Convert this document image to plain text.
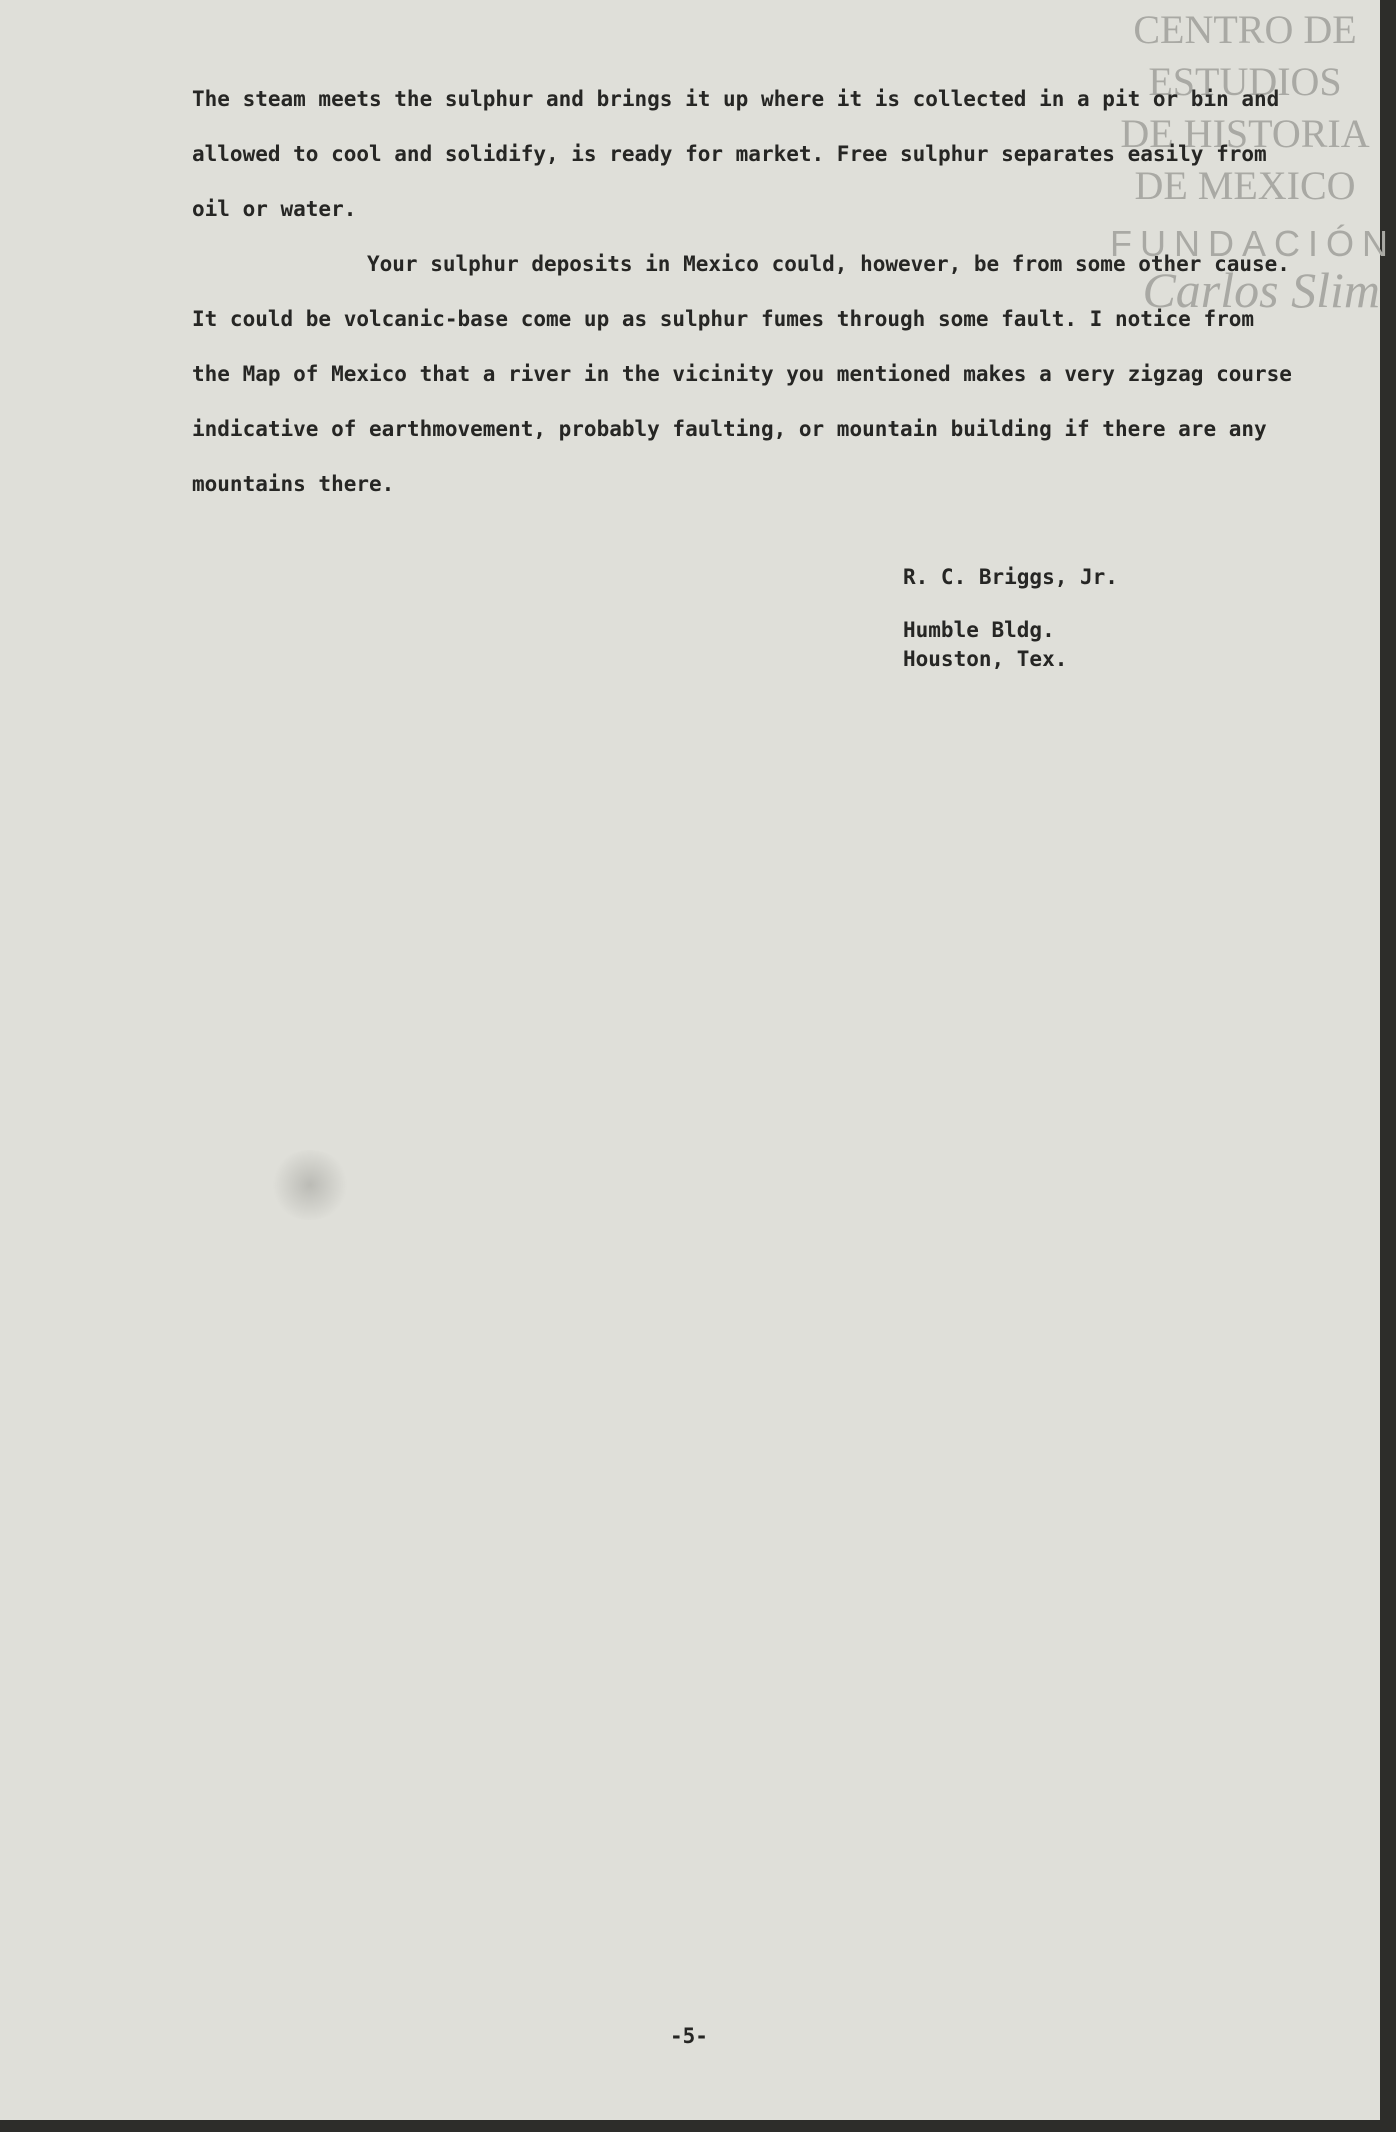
CENTRO DE
ESTUDIOS
DE HISTORIA
DE MEXICO
FUNDACIÓN
Carlos Slim

The steam meets the sulphur and brings it up where it is collected in a pit or bin and allowed to cool and solidify, is ready for market. Free sulphur separates easily from oil or water.

Your sulphur deposits in Mexico could, however, be from some other cause. It could be volcanic-base come up as sulphur fumes through some fault. I notice from the Map of Mexico that a river in the vicinity you mentioned makes a very zigzag course indicative of earthmovement, probably faulting, or mountain building if there are any mountains there.

R. C. Briggs, Jr.
Humble Bldg.
Houston, Tex.
-5-
